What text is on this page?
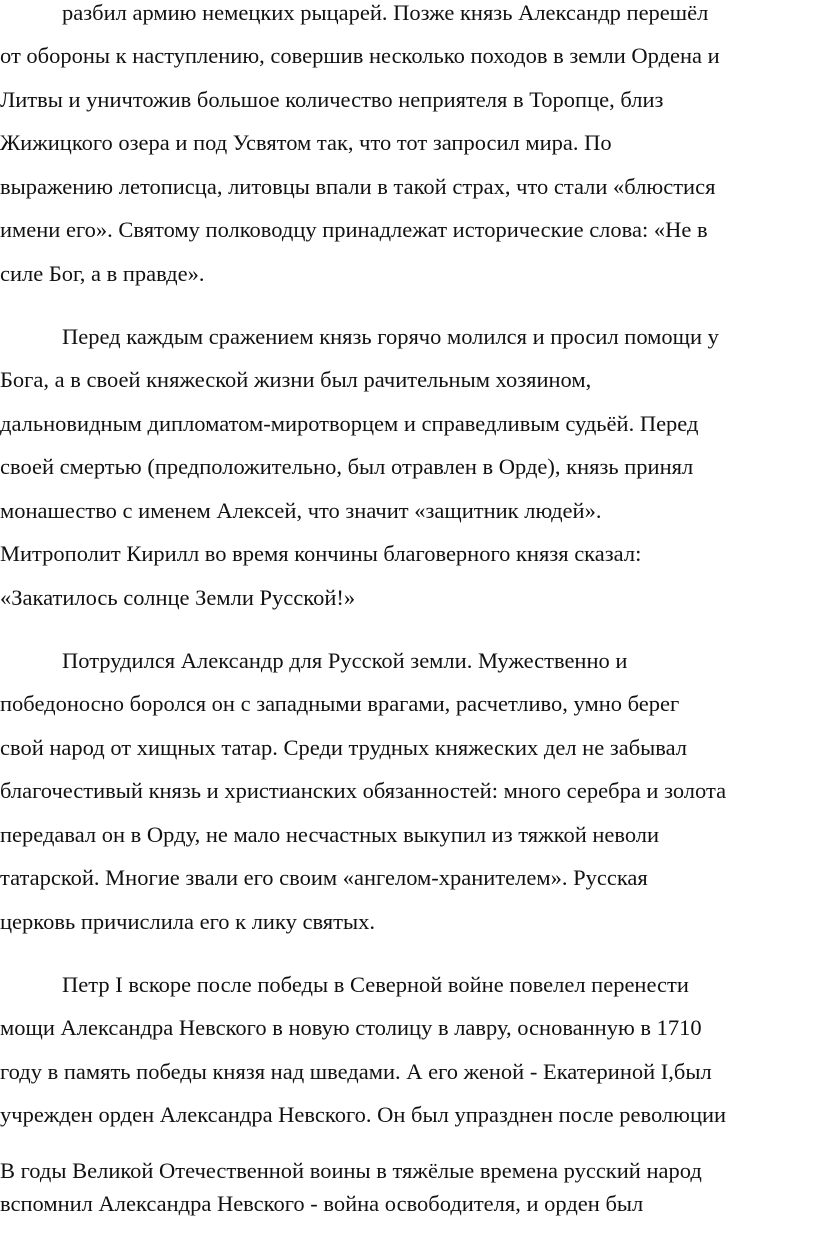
разбил армию немецких рыцарей. Позже князь Александр перешёл
от обороны к наступлению, совершив несколько походов в земли Ордена и
Литвы и уничтожив большое количество неприятеля в Торопце, близ
Жижицкого озера и под Усвятом так, что тот запросил мира. По
выражению летописца, литовцы впали в такой страх, что стали «блюстися
имени его». Святому полководцу принадлежат исторические слова: «Не в
силе Бог, а в правде».
Перед каждым сражением князь горячо молился и просил помощи у
Бога, а в своей княжеской жизни был рачительным хозяином,
дальновидным дипломатом-миротворцем и справедливым судьёй. Перед
своей смертью (предположительно, был отравлен в Орде), князь принял
монашество с именем Алексей, что значит «защитник людей».
Митрополит Кирилл во время кончины благоверного князя сказал:
«Закатилось солнце Земли Русской!»
Потрудился Александр для Русской земли. Мужественно и
победоносно боролся он с западными врагами, расчетливо, умно берег
свой народ от хищных татар. Среди трудных княжеских дел не забывал
благочестивый князь и христианских обязанностей: много серебра и золота
передавал он в Орду, не мало несчастных выкупил из тяжкой неволи
татарской. Многие звали его своим «ангелом-хранителем». Русская
церковь причислила его к лику святых.
Петр I вскоре после победы в Северной войне повелел перенести
мощи Александра Невского в новую столицу в лавру, основанную в 1710
году в память победы князя над шведами. А его женой - Екатериной I,был
учрежден орден Александра Невского. Он был упразднен после революции
В годы Великой Отечественной воины в тяжёлые времена русский народ
вспомнил Александра Невского - война освободителя, и орден был
